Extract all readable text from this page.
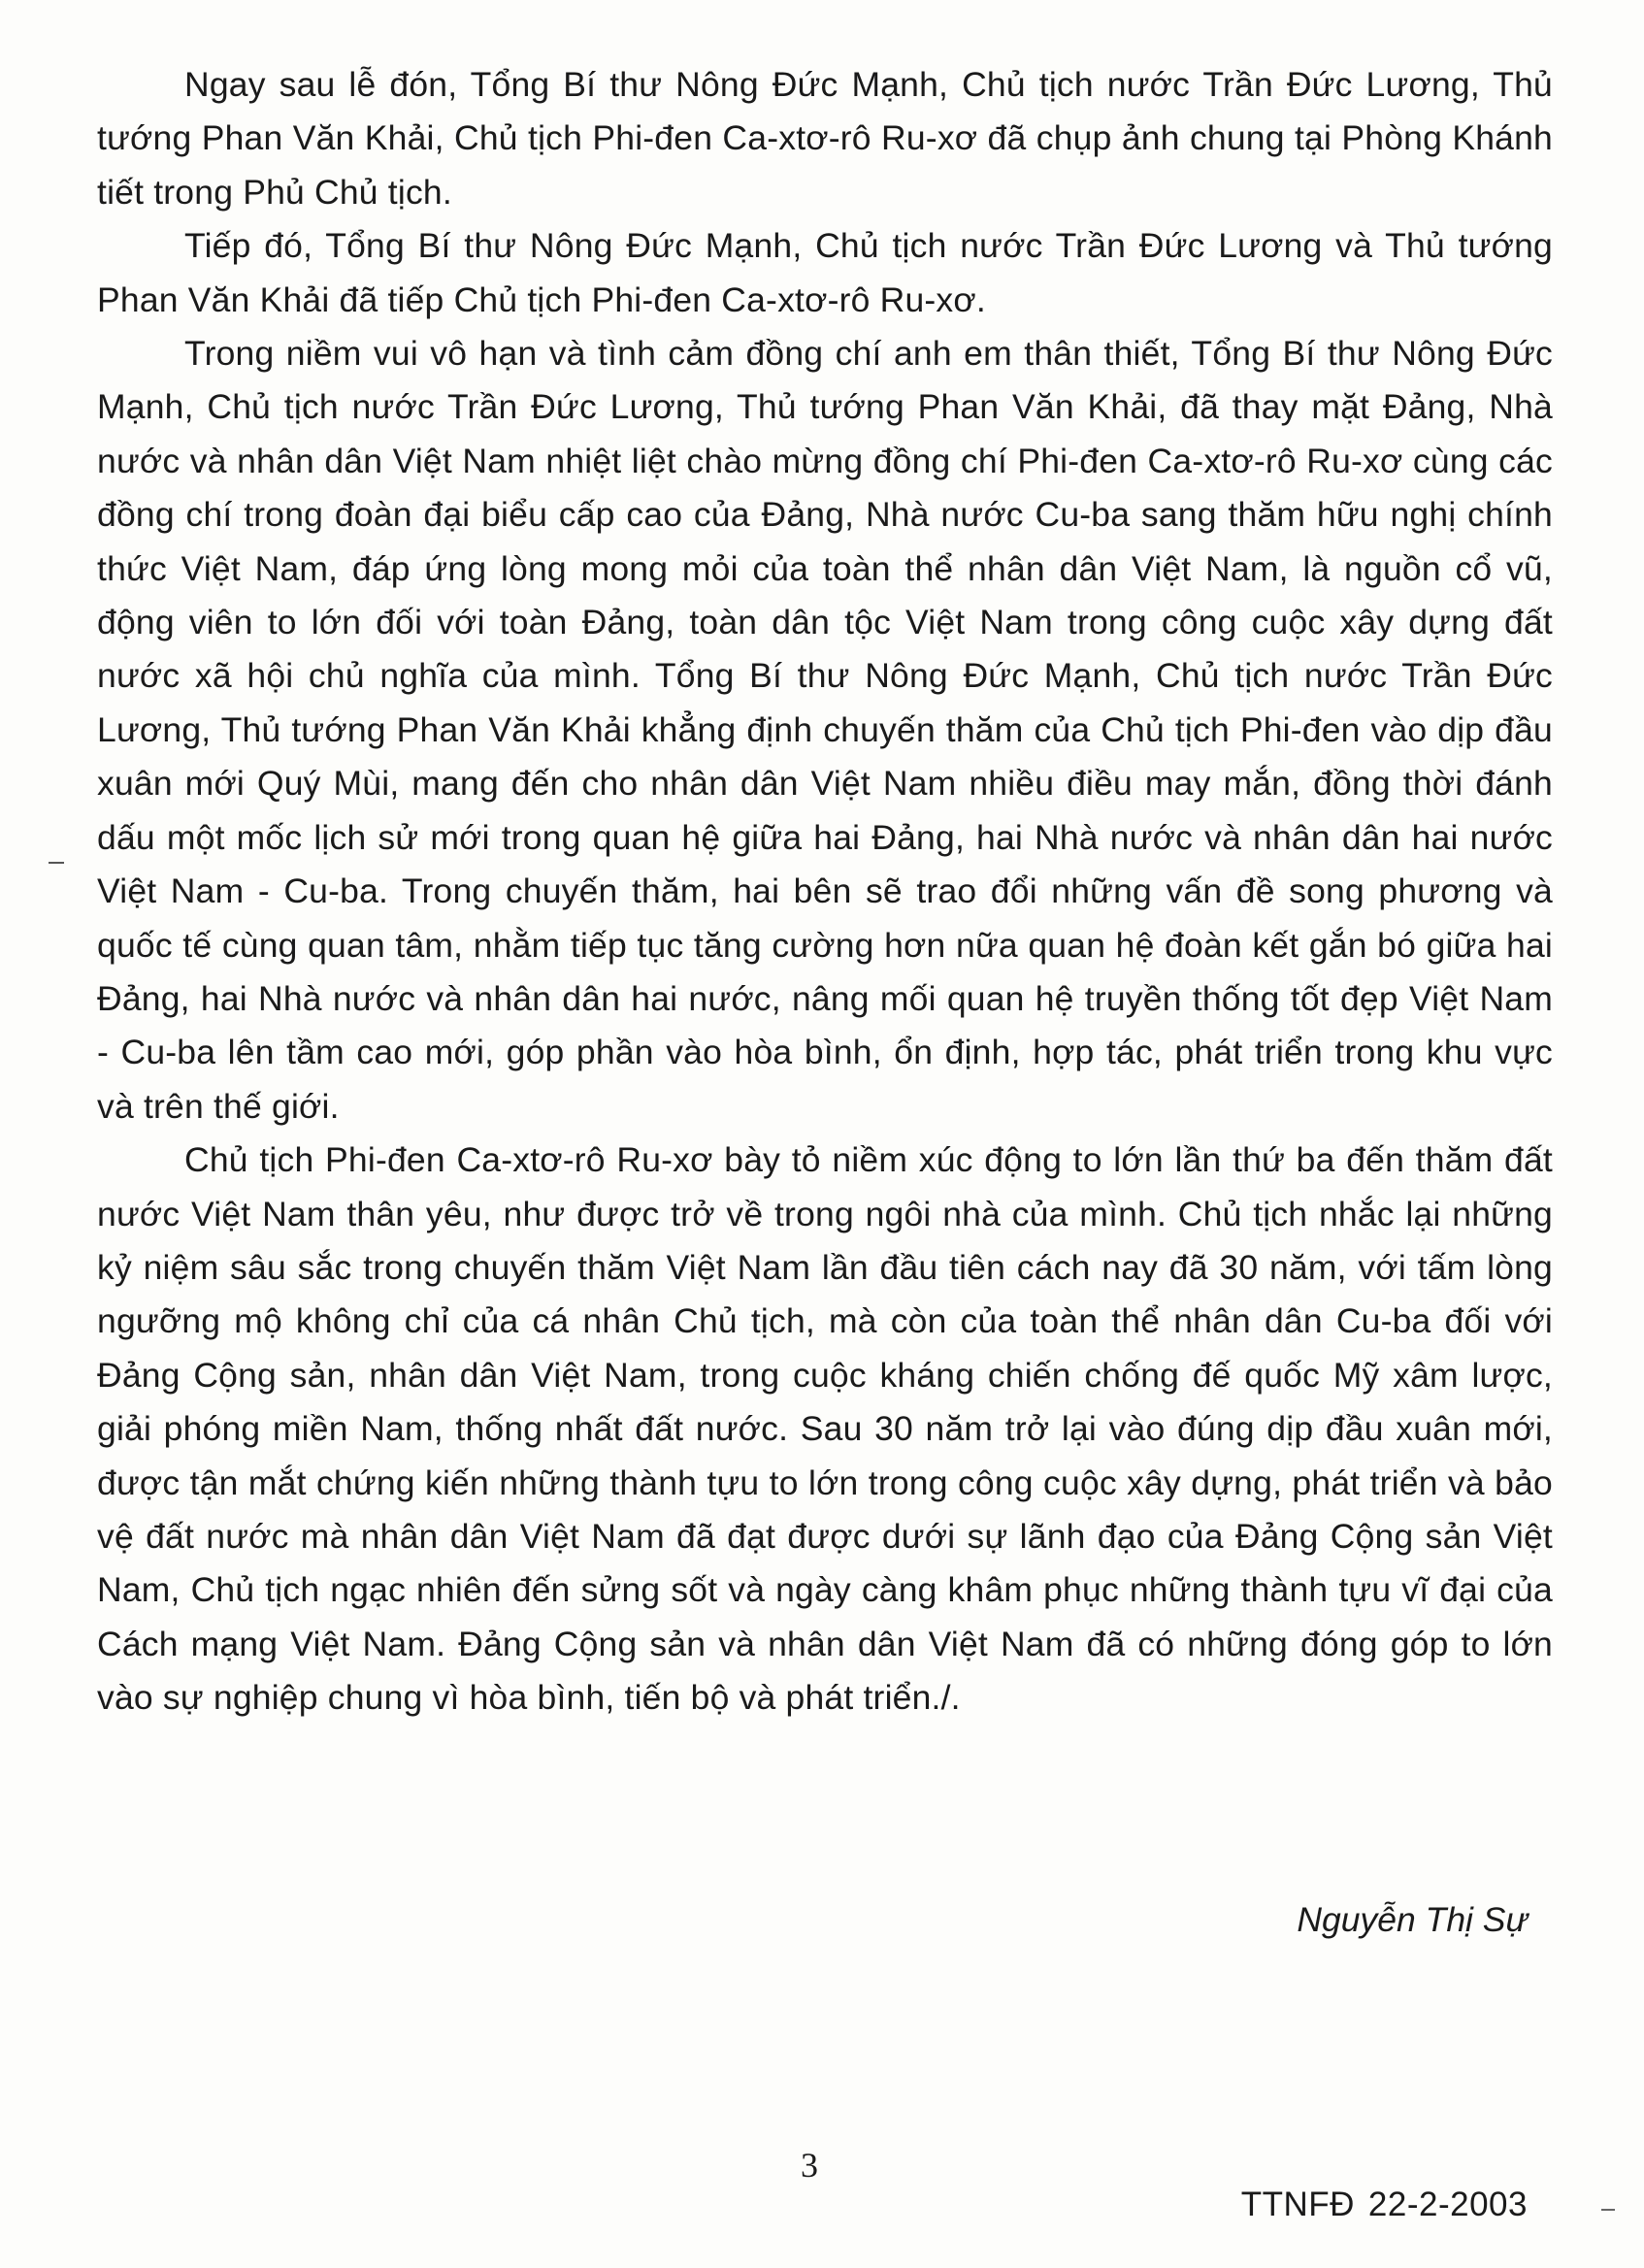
Ngay sau lễ đón, Tổng Bí thư Nông Đức Mạnh, Chủ tịch nước Trần Đức Lương, Thủ tướng Phan Văn Khải, Chủ tịch Phi-đen Ca-xtơ-rô Ru-xơ đã chụp ảnh chung tại Phòng Khánh tiết trong Phủ Chủ tịch.

Tiếp đó, Tổng Bí thư Nông Đức Mạnh, Chủ tịch nước Trần Đức Lương và Thủ tướng Phan Văn Khải đã tiếp Chủ tịch Phi-đen Ca-xtơ-rô Ru-xơ.

Trong niềm vui vô hạn và tình cảm đồng chí anh em thân thiết, Tổng Bí thư Nông Đức Mạnh, Chủ tịch nước Trần Đức Lương, Thủ tướng Phan Văn Khải, đã thay mặt Đảng, Nhà nước và nhân dân Việt Nam nhiệt liệt chào mừng đồng chí Phi-đen Ca-xtơ-rô Ru-xơ cùng các đồng chí trong đoàn đại biểu cấp cao của Đảng, Nhà nước Cu-ba sang thăm hữu nghị chính thức Việt Nam, đáp ứng lòng mong mỏi của toàn thể nhân dân Việt Nam, là nguồn cổ vũ, động viên to lớn đối với toàn Đảng, toàn dân tộc Việt Nam trong công cuộc xây dựng đất nước xã hội chủ nghĩa của mình. Tổng Bí thư Nông Đức Mạnh, Chủ tịch nước Trần Đức Lương, Thủ tướng Phan Văn Khải khẳng định chuyến thăm của Chủ tịch Phi-đen vào dịp đầu xuân mới Quý Mùi, mang đến cho nhân dân Việt Nam nhiều điều may mắn, đồng thời đánh dấu một mốc lịch sử mới trong quan hệ giữa hai Đảng, hai Nhà nước và nhân dân hai nước Việt Nam - Cu-ba. Trong chuyến thăm, hai bên sẽ trao đổi những vấn đề song phương và quốc tế cùng quan tâm, nhằm tiếp tục tăng cường hơn nữa quan hệ đoàn kết gắn bó giữa hai Đảng, hai Nhà nước và nhân dân hai nước, nâng mối quan hệ truyền thống tốt đẹp Việt Nam - Cu-ba lên tầm cao mới, góp phần vào hòa bình, ổn định, hợp tác, phát triển trong khu vực và trên thế giới.

Chủ tịch Phi-đen Ca-xtơ-rô Ru-xơ bày tỏ niềm xúc động to lớn lần thứ ba đến thăm đất nước Việt Nam thân yêu, như được trở về trong ngôi nhà của mình. Chủ tịch nhắc lại những kỷ niệm sâu sắc trong chuyến thăm Việt Nam lần đầu tiên cách nay đã 30 năm, với tấm lòng ngưỡng mộ không chỉ của cá nhân Chủ tịch, mà còn của toàn thể nhân dân Cu-ba đối với Đảng Cộng sản, nhân dân Việt Nam, trong cuộc kháng chiến chống đế quốc Mỹ xâm lược, giải phóng miền Nam, thống nhất đất nước. Sau 30 năm trở lại vào đúng dịp đầu xuân mới, được tận mắt chứng kiến những thành tựu to lớn trong công cuộc xây dựng, phát triển và bảo vệ đất nước mà nhân dân Việt Nam đã đạt được dưới sự lãnh đạo của Đảng Cộng sản Việt Nam, Chủ tịch ngạc nhiên đến sửng sốt và ngày càng khâm phục những thành tựu vĩ đại của Cách mạng Việt Nam. Đảng Cộng sản và nhân dân Việt Nam đã có những đóng góp to lớn vào sự nghiệp chung vì hòa bình, tiến bộ và phát triển./.

Nguyễn Thị Sự
3
TTNFĐ 22-2-2003
